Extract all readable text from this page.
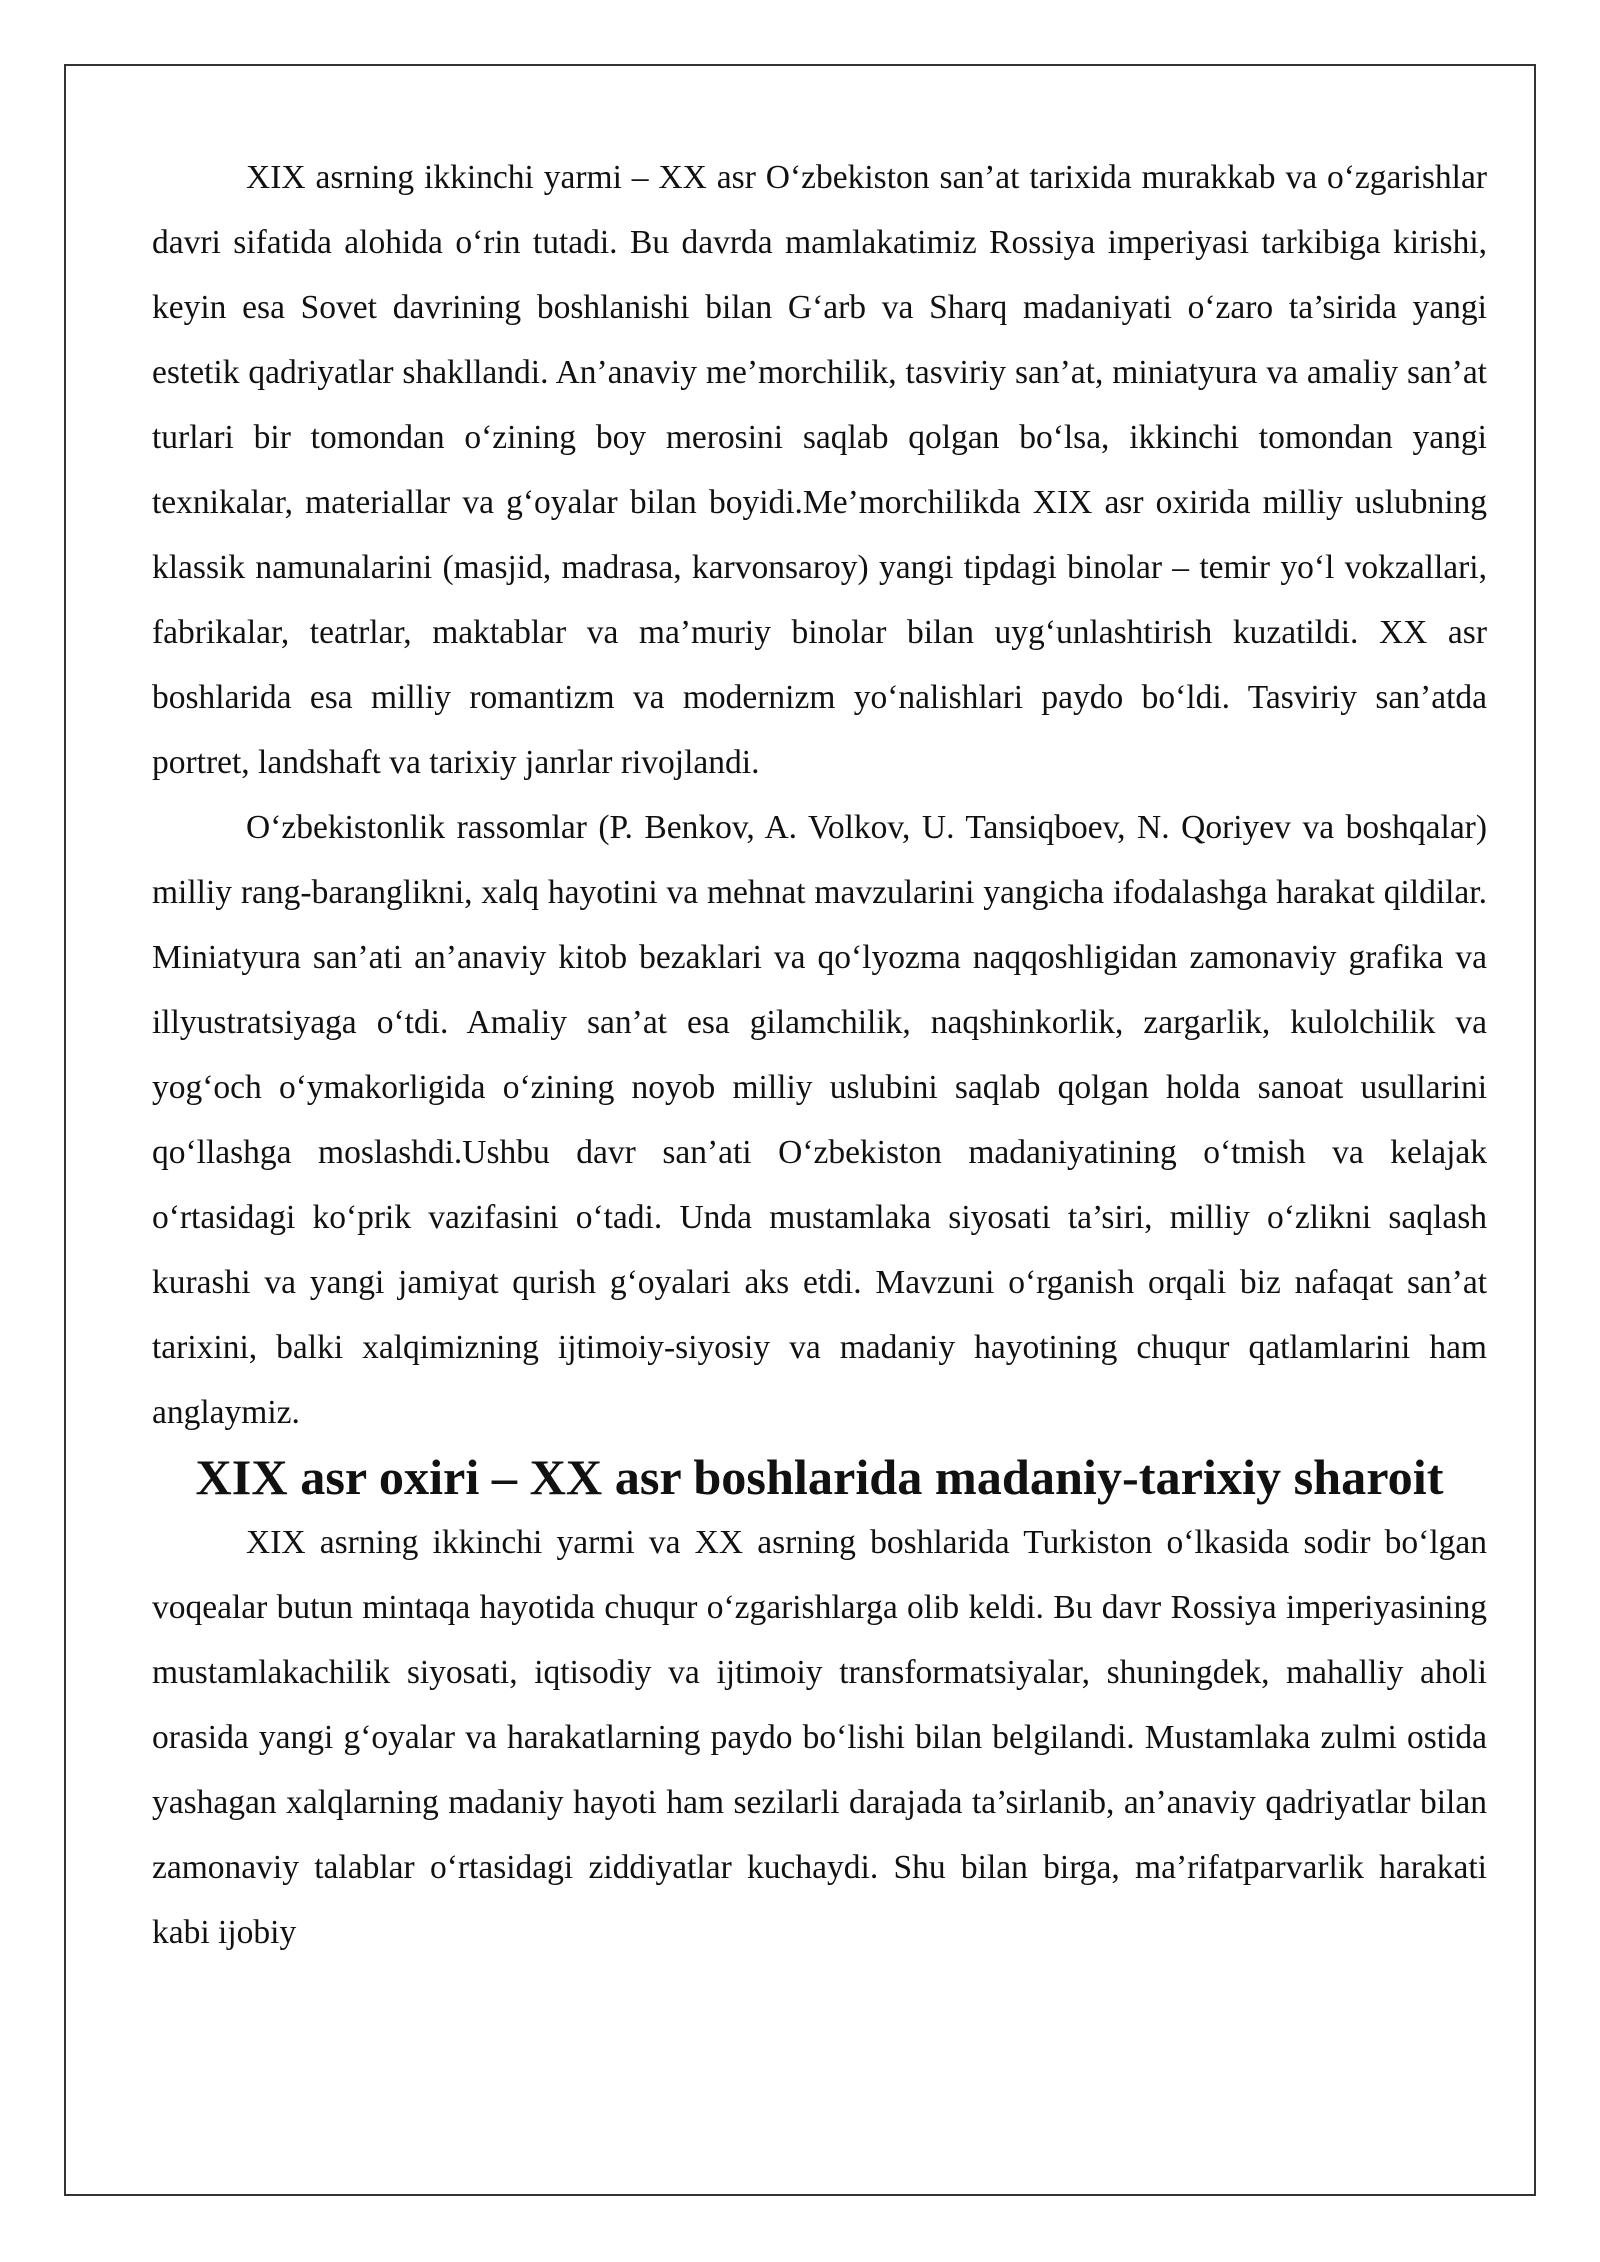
XIX asrning ikkinchi yarmi – XX asr O‘zbekiston san’at tarixida murakkab va o‘zgarishlar davri sifatida alohida o‘rin tutadi. Bu davrda mamlakatimiz Rossiya imperiyasi tarkibiga kirishi, keyin esa Sovet davrining boshlanishi bilan G‘arb va Sharq madaniyati o‘zaro ta’sirida yangi estetik qadriyatlar shakllandi. An’anaviy me’morchilik, tasviriy san’at, miniatyura va amaliy san’at turlari bir tomondan o‘zining boy merosini saqlab qolgan bo‘lsa, ikkinchi tomondan yangi texnikalar, materiallar va g‘oyalar bilan boyidi.Me’morchilikda XIX asr oxirida milliy uslubning klassik namunalarini (masjid, madrasa, karvonsaroy) yangi tipdagi binolar – temir yo‘l vokzallari, fabrikalar, teatrlar, maktablar va ma’muriy binolar bilan uyg‘unlashtirish kuzatildi. XX asr boshlarida esa milliy romantizm va modernizm yo‘nalishlari paydo bo‘ldi. Tasviriy san’atda portret, landshaft va tarixiy janrlar rivojlandi.

O‘zbekistonlik rassomlar (P. Benkov, A. Volkov, U. Tansiqboev, N. Qoriyev va boshqalar) milliy rang-baranglikni, xalq hayotini va mehnat mavzularini yangicha ifodalashga harakat qildilar. Miniatyura san’ati an’anaviy kitob bezaklari va qo‘lyozma naqqoshligidan zamonaviy grafika va illyustratsiyaga o‘tdi. Amaliy san’at esa gilamchilik, naqshinkorlik, zargarlik, kulolchilik va yog‘och o‘ymakorligida o‘zining noyob milliy uslubini saqlab qolgan holda sanoat usullarini qo‘llashga moslashdi.Ushbu davr san’ati O‘zbekiston madaniyatining o‘tmish va kelajak o‘rtasidagi ko‘prik vazifasini o‘tadi. Unda mustamlaka siyosati ta’siri, milliy o‘zlikni saqlash kurashi va yangi jamiyat qurish g‘oyalari aks etdi. Mavzuni o‘rganish orqali biz nafaqat san’at tarixini, balki xalqimizning ijtimoiy-siyosiy va madaniy hayotining chuqur qatlamlarini ham anglaymiz.

XIX asr oxiri – XX asr boshlarida madaniy-tarixiy sharoit

XIX asrning ikkinchi yarmi va XX asrning boshlarida Turkiston o‘lkasida sodir bo‘lgan voqealar butun mintaqa hayotida chuqur o‘zgarishlarga olib keldi. Bu davr Rossiya imperiyasining mustamlakachilik siyosati, iqtisodiy va ijtimoiy transformatsiyalar, shuningdek, mahalliy aholi orasida yangi g‘oyalar va harakatlarning paydo bo‘lishi bilan belgilandi. Mustamlaka zulmi ostida yashagan xalqlarning madaniy hayoti ham sezilarli darajada ta’sirlanib, an’anaviy qadriyatlar bilan zamonaviy talablar o‘rtasidagi ziddiyatlar kuchaydi. Shu bilan birga, ma’rifatparvarlik harakati kabi ijobiy
